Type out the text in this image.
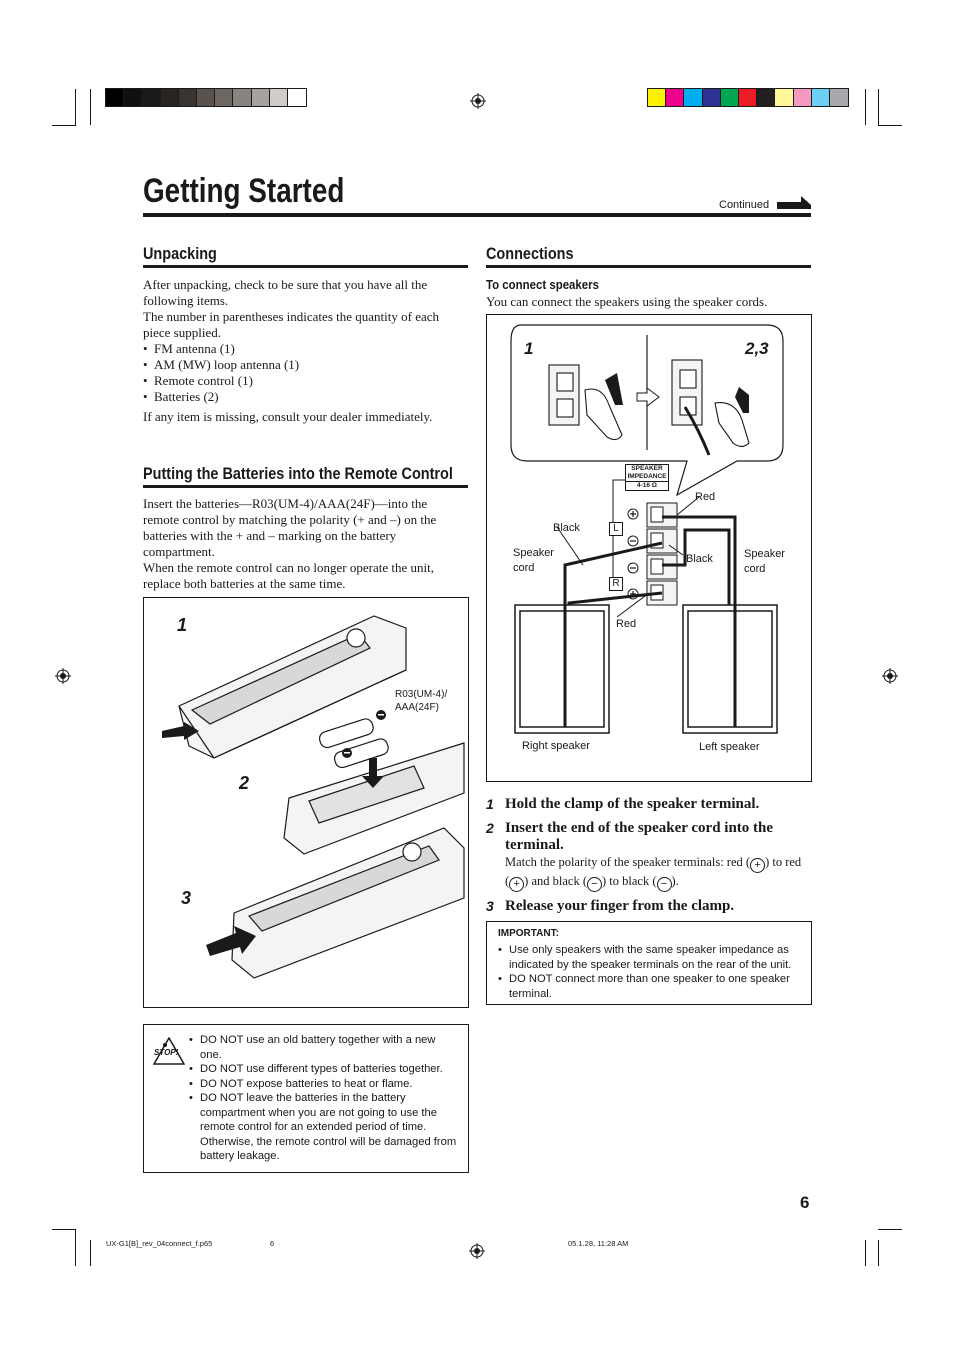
Getting Started	Continued
Unpacking
After unpacking, check to be sure that you have all the following items.
The number in parentheses indicates the quantity of each piece supplied.
• FM antenna (1)
• AM (MW) loop antenna (1)
• Remote control (1)
• Batteries (2)
If any item is missing, consult your dealer immediately.
Putting the Batteries into the Remote Control
Insert the batteries—R03(UM-4)/AAA(24F)—into the remote control by matching the polarity (+ and –) on the batteries with the + and – marking on the battery compartment.
When the remote control can no longer operate the unit, replace both batteries at the same time.
1
2
3
R03(UM-4)/
AAA(24F)
STOP!
• DO NOT use an old battery together with a new one.
• DO NOT use different types of batteries together.
• DO NOT expose batteries to heat or flame.
• DO NOT leave the batteries in the battery compartment when you are not going to use the remote control for an extended period of time. Otherwise, the remote control will be damaged from battery leakage.
Connections
To connect speakers
You can connect the speakers using the speaker cords.
1	2,3
SPEAKER
IMPEDANCE
4-16 Ω
L
R
Red
Black
Black
Speaker
cord
Speaker
cord
Red
Right speaker	Left speaker
1 Hold the clamp of the speaker terminal.
2 Insert the end of the speaker cord into the terminal.
Match the polarity of the speaker terminals: red ( + ) to red ( + ) and black ( − ) to black ( − ).
3 Release your finger from the clamp.
IMPORTANT:
• Use only speakers with the same speaker impedance as indicated by the speaker terminals on the rear of the unit.
• DO NOT connect more than one speaker to one speaker terminal.
6
UX-G1[B]_rev_04connect_f.p65	6	05.1.28, 11:28 AM
